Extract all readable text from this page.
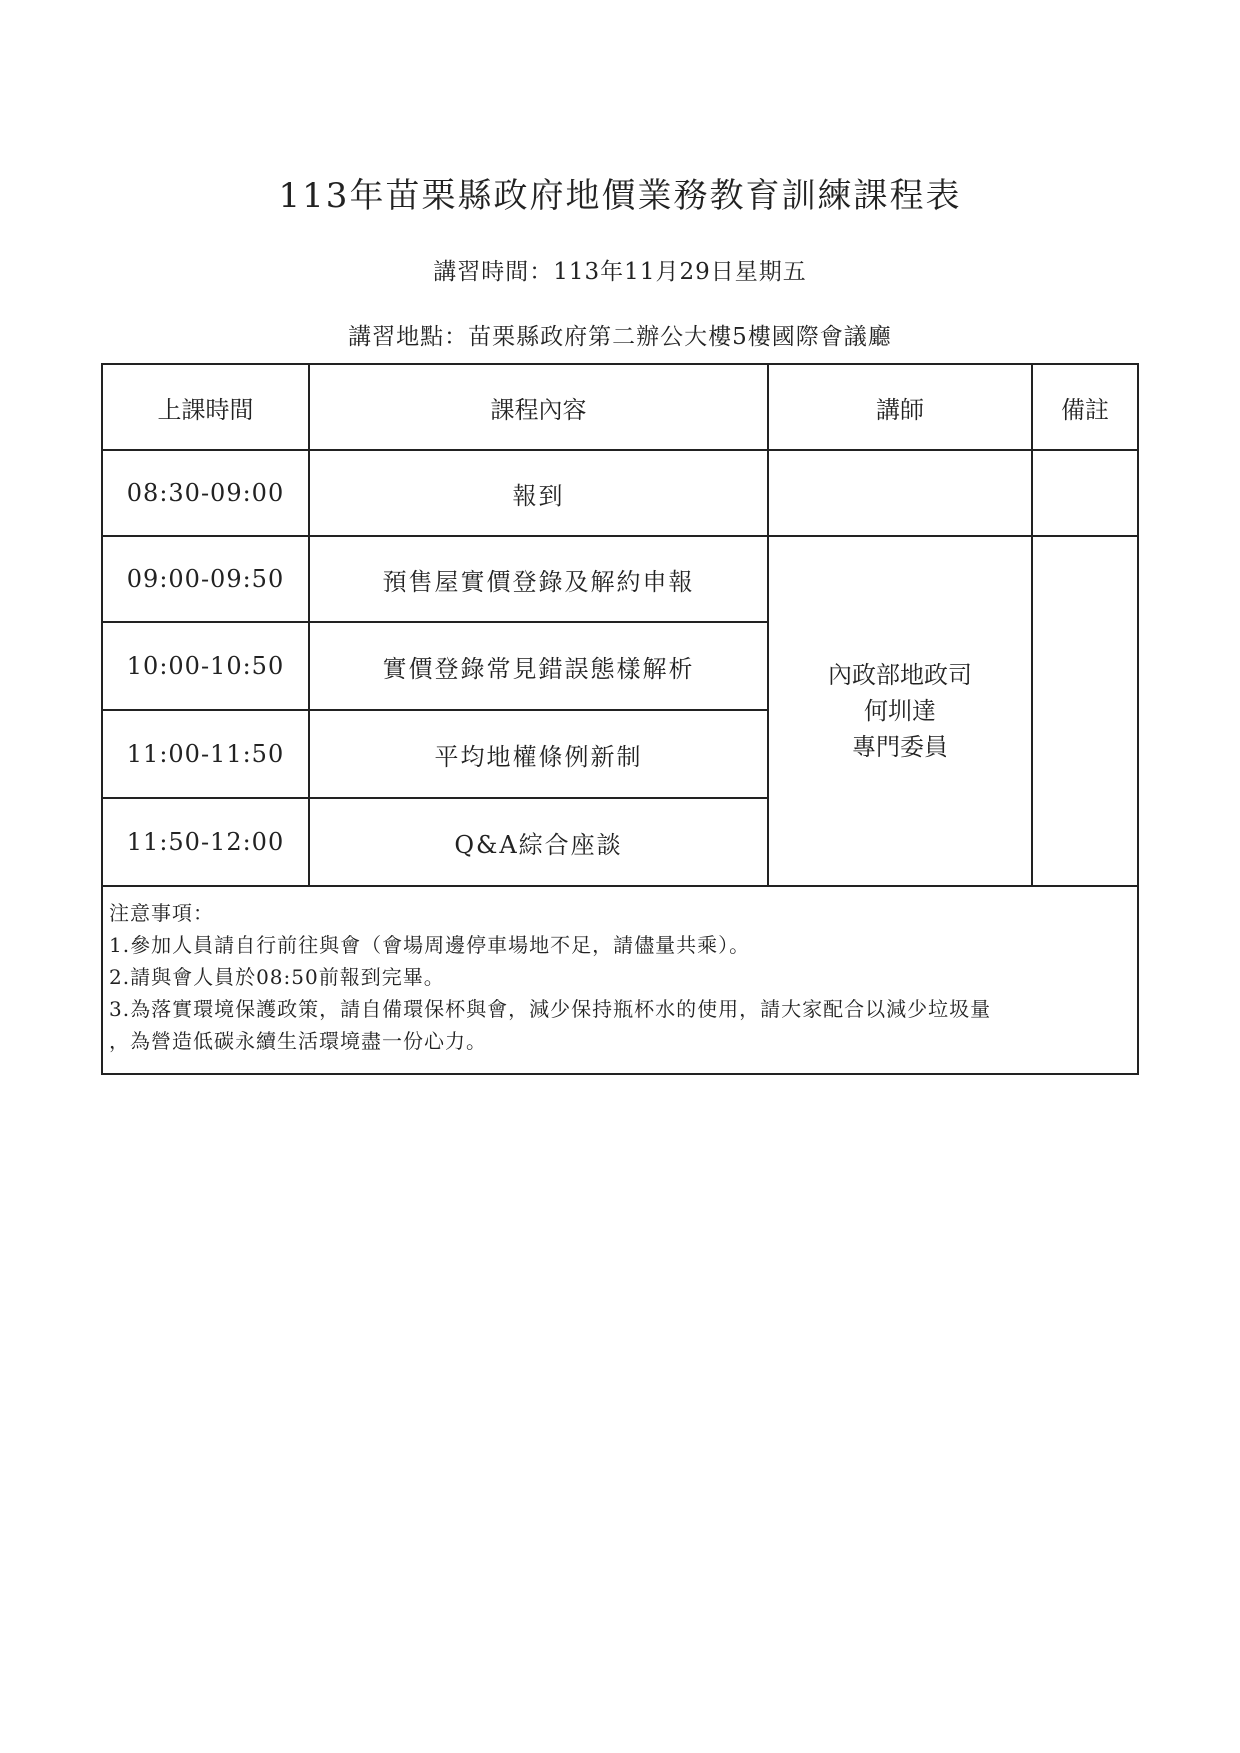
113年苗栗縣政府地價業務教育訓練課程表
講習時間：113年11月29日星期五
講習地點：苗栗縣政府第二辦公大樓5樓國際會議廳
上課時間	課程內容	講師	備註
08:30-09:00	報到		
09:00-09:50	預售屋實價登錄及解約申報	內政部地政司
何圳達
專門委員	

10:00-10:50	實價登錄常見錯誤態樣解析		
11:00-11:50	平均地權條例新制		
11:50-12:00	Q&A綜合座談		

注意事項：
1.參加人員請自行前往與會（會場周邊停車場地不足，請儘量共乘）。
2.請與會人員於08:50前報到完畢。
3.為落實環境保護政策，請自備環保杯與會，減少保持瓶杯水的使用，請大家配合以減少垃圾量
，為營造低碳永續生活環境盡一份心力。			
